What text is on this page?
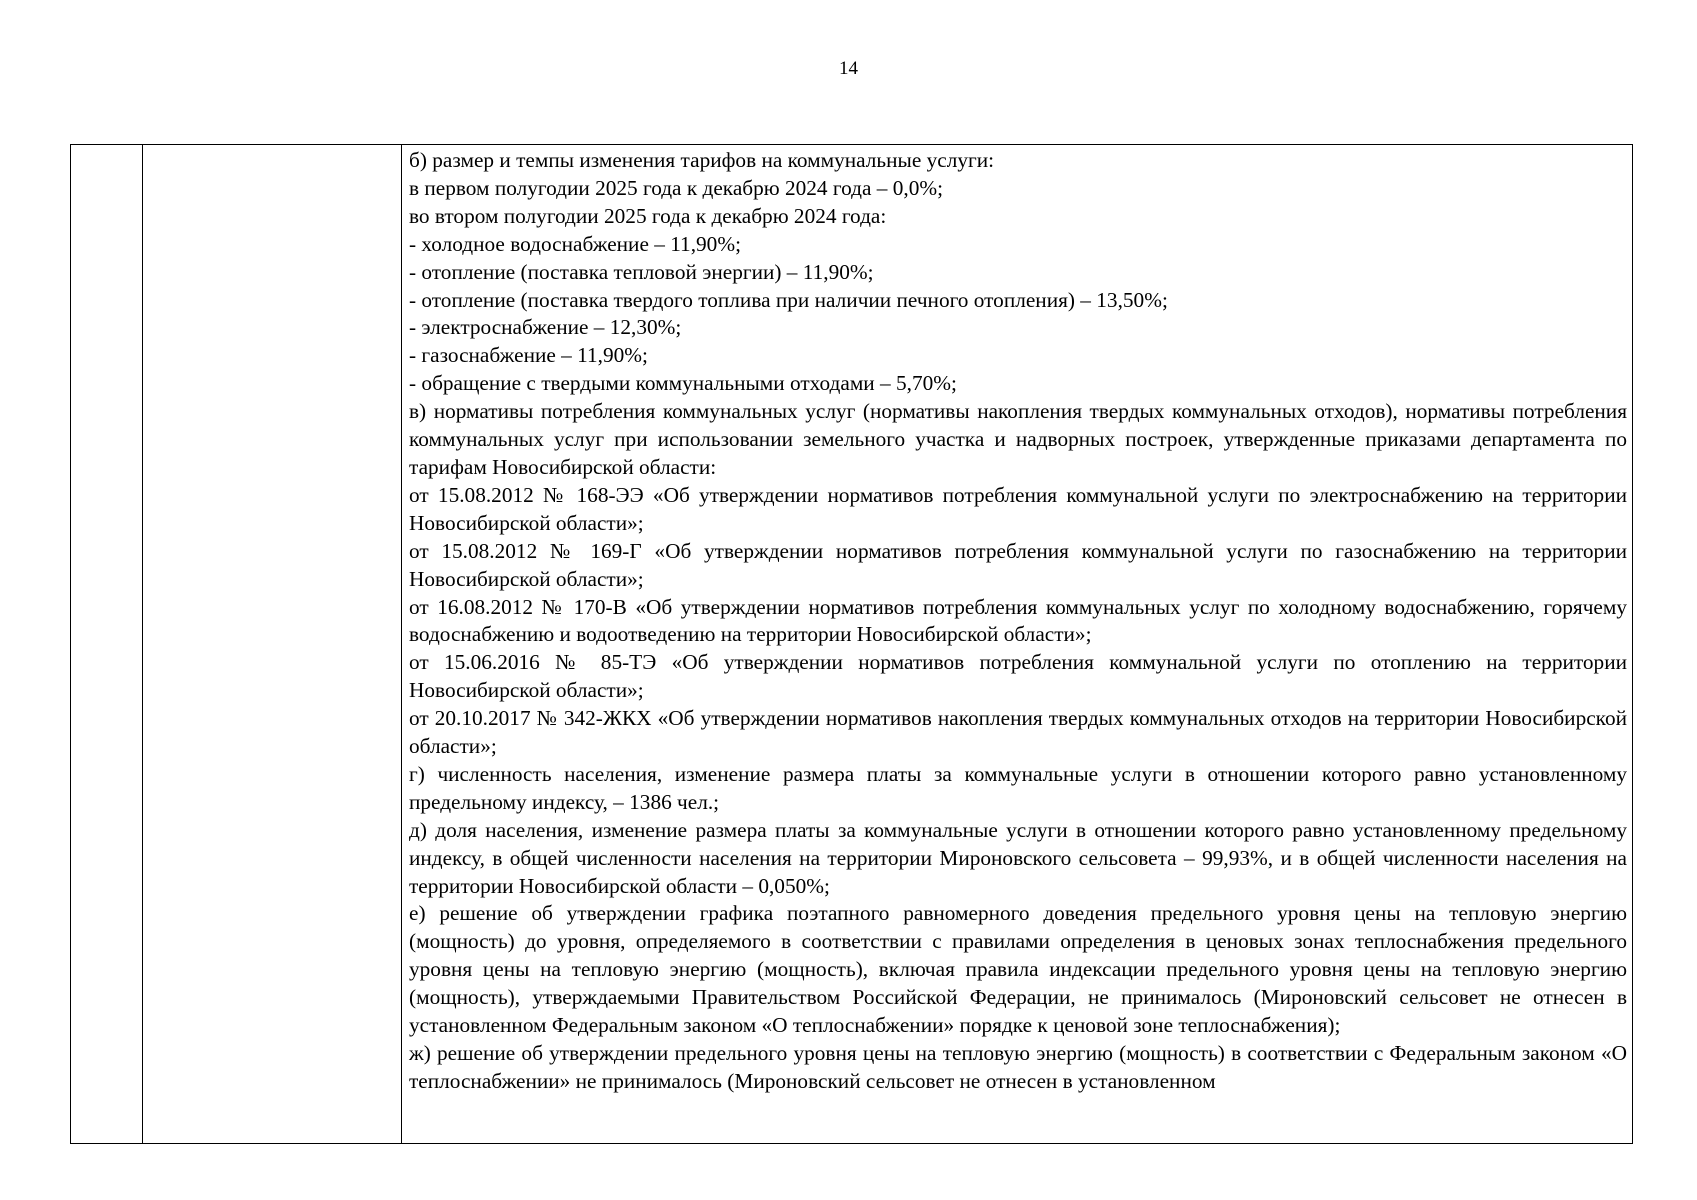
14

б) размер и темпы изменения тарифов на коммунальные услуги:

в первом полугодии 2025 года к декабрю 2024 года – 0,0%;

во втором полугодии 2025 года к декабрю 2024 года:

- холодное водоснабжение – 11,90%;

- отопление (поставка тепловой энергии) – 11,90%;

- отопление (поставка твердого топлива при наличии печного отопления) – 13,50%;

- электроснабжение – 12,30%;

- газоснабжение – 11,90%;

- обращение с твердыми коммунальными отходами – 5,70%;

в) нормативы потребления коммунальных услуг (нормативы накопления твердых коммунальных отходов), нормативы потребления коммунальных услуг при использовании земельного участка и надворных построек, утвержденные приказами департамента по тарифам Новосибирской области:

от 15.08.2012 № 168-ЭЭ «Об утверждении нормативов потребления коммунальной услуги по электроснабжению на территории Новосибирской области»;

от 15.08.2012 № 169-Г «Об утверждении нормативов потребления коммунальной услуги по газоснабжению на территории Новосибирской области»;

от 16.08.2012 № 170-В «Об утверждении нормативов потребления коммунальных услуг по холодному водоснабжению, горячему водоснабжению и водоотведению на территории Новосибирской области»;

от 15.06.2016 № 85-ТЭ «Об утверждении нормативов потребления коммунальной услуги по отоплению на территории Новосибирской области»;

от 20.10.2017 № 342-ЖКХ «Об утверждении нормативов накопления твердых коммунальных отходов на территории Новосибирской области»;

г) численность населения, изменение размера платы за коммунальные услуги в отношении которого равно установленному предельному индексу, – 1386 чел.;

д) доля населения, изменение размера платы за коммунальные услуги в отношении которого равно установленному предельному индексу, в общей численности населения на территории Мироновского сельсовета – 99,93%, и в общей численности населения на территории Новосибирской области – 0,050%;

е) решение об утверждении графика поэтапного равномерного доведения предельного уровня цены на тепловую энергию (мощность) до уровня, определяемого в соответствии с правилами определения в ценовых зонах теплоснабжения предельного уровня цены на тепловую энергию (мощность), включая правила индексации предельного уровня цены на тепловую энергию (мощность), утверждаемыми Правительством Российской Федерации, не принималось (Мироновский сельсовет не отнесен в установленном Федеральным законом «О теплоснабжении» порядке к ценовой зоне теплоснабжения);

ж) решение об утверждении предельного уровня цены на тепловую энергию (мощность) в соответствии с Федеральным законом «О теплоснабжении» не принималось (Мироновский сельсовет не отнесен в установленном
